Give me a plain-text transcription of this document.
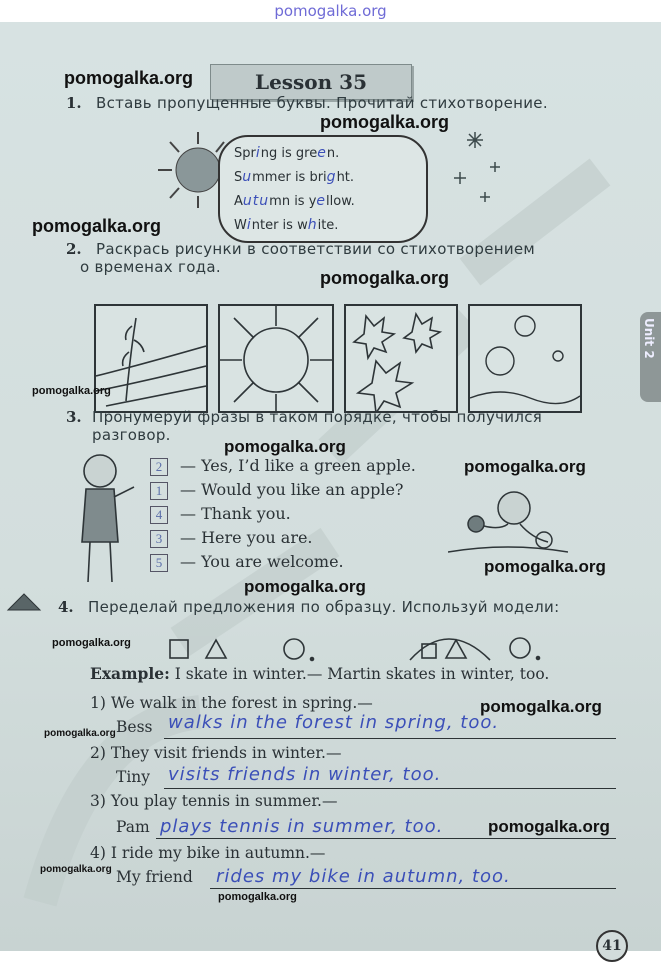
pomogalka.org
Lesson 35
1. Вставь пропущенные буквы. Прочитай стихотворение.
Spring is green.
Summer is bright.
Autumn is yellow.
Winter is white.
2. Раскрась рисунки в соответствии со стихотворением
о временах года.
Unit 2
3. Пронумеруй фразы в таком порядке, чтобы получился
разговор.
2 — Yes, I’d like a green apple.
1 — Would you like an apple?
4 — Thank you.
3 — Here you are.
5 — You are welcome.
4. Переделай предложения по образцу. Используй модели:
Example: I skate in winter.— Martin skates in winter, too.
1) We walk in the forest in spring.—
Bess walks in the forest in spring, too.
2) They visit friends in winter.—
Tiny visits friends in winter, too.
3) You play tennis in summer.—
Pam plays tennis in summer, too.
4) I ride my bike in autumn.—
My friend rides my bike in autumn, too.
41
pomogalka.org
pomogalka.org
pomogalka.org
pomogalka.org
pomogalka.org
pomogalka.org
pomogalka.org
pomogalka.org
pomogalka.org
pomogalka.org
pomogalka.org
pomogalka.org
pomogalka.org
pomogalka.org
pomogalka.org
